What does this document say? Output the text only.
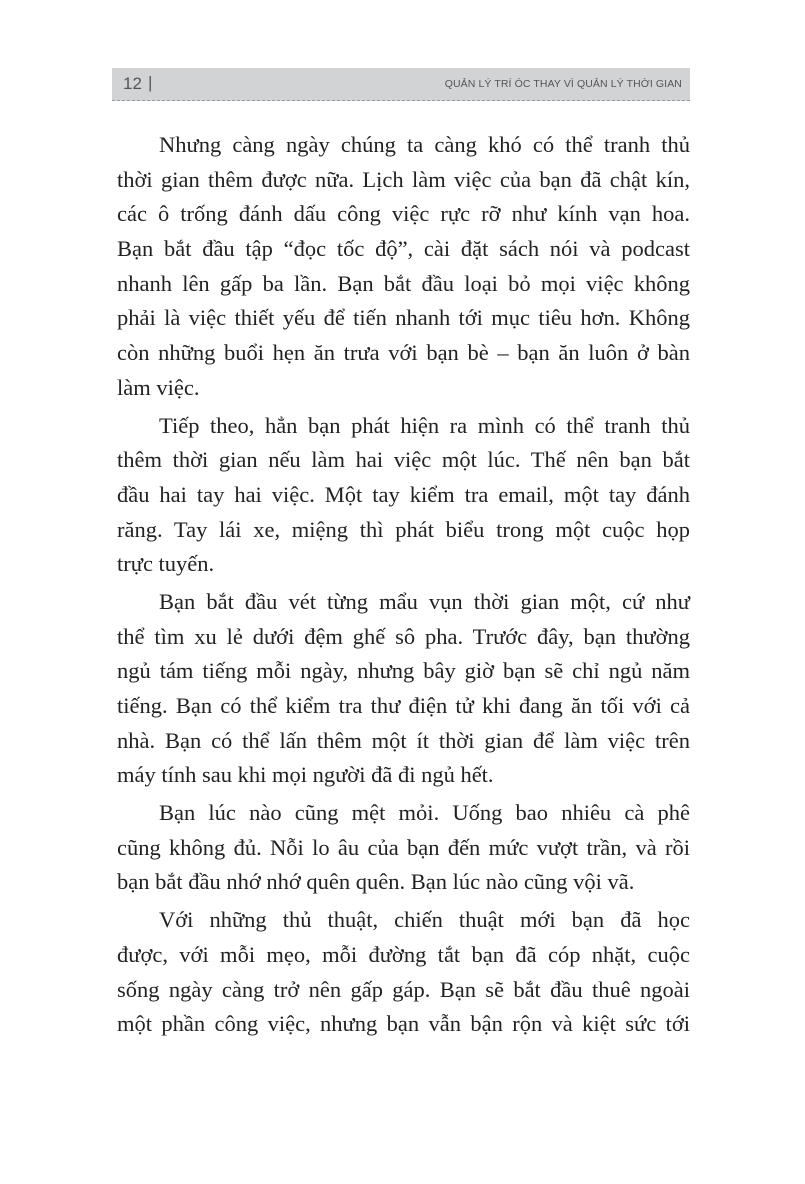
12 |	QUẢN LÝ TRÍ ÓC THAY VÌ QUẢN LÝ THỜI GIAN
Nhưng càng ngày chúng ta càng khó có thể tranh thủ
thời gian thêm được nữa. Lịch làm việc của bạn đã chật kín,
các ô trống đánh dấu công việc rực rỡ như kính vạn hoa.
Bạn bắt đầu tập “đọc tốc độ”, cài đặt sách nói và podcast
nhanh lên gấp ba lần. Bạn bắt đầu loại bỏ mọi việc không
phải là việc thiết yếu để tiến nhanh tới mục tiêu hơn. Không
còn những buổi hẹn ăn trưa với bạn bè – bạn ăn luôn ở bàn
làm việc.
Tiếp theo, hẳn bạn phát hiện ra mình có thể tranh thủ
thêm thời gian nếu làm hai việc một lúc. Thế nên bạn bắt
đầu hai tay hai việc. Một tay kiểm tra email, một tay đánh
răng. Tay lái xe, miệng thì phát biểu trong một cuộc họp
trực tuyến.
Bạn bắt đầu vét từng mẩu vụn thời gian một, cứ như
thể tìm xu lẻ dưới đệm ghế sô pha. Trước đây, bạn thường
ngủ tám tiếng mỗi ngày, nhưng bây giờ bạn sẽ chỉ ngủ năm
tiếng. Bạn có thể kiểm tra thư điện tử khi đang ăn tối với cả
nhà. Bạn có thể lấn thêm một ít thời gian để làm việc trên
máy tính sau khi mọi người đã đi ngủ hết.
Bạn lúc nào cũng mệt mỏi. Uống bao nhiêu cà phê
cũng không đủ. Nỗi lo âu của bạn đến mức vượt trần, và rồi
bạn bắt đầu nhớ nhớ quên quên. Bạn lúc nào cũng vội vã.
Với những thủ thuật, chiến thuật mới bạn đã học
được, với mỗi mẹo, mỗi đường tắt bạn đã cóp nhặt, cuộc
sống ngày càng trở nên gấp gáp. Bạn sẽ bắt đầu thuê ngoài
một phần công việc, nhưng bạn vẫn bận rộn và kiệt sức tới
